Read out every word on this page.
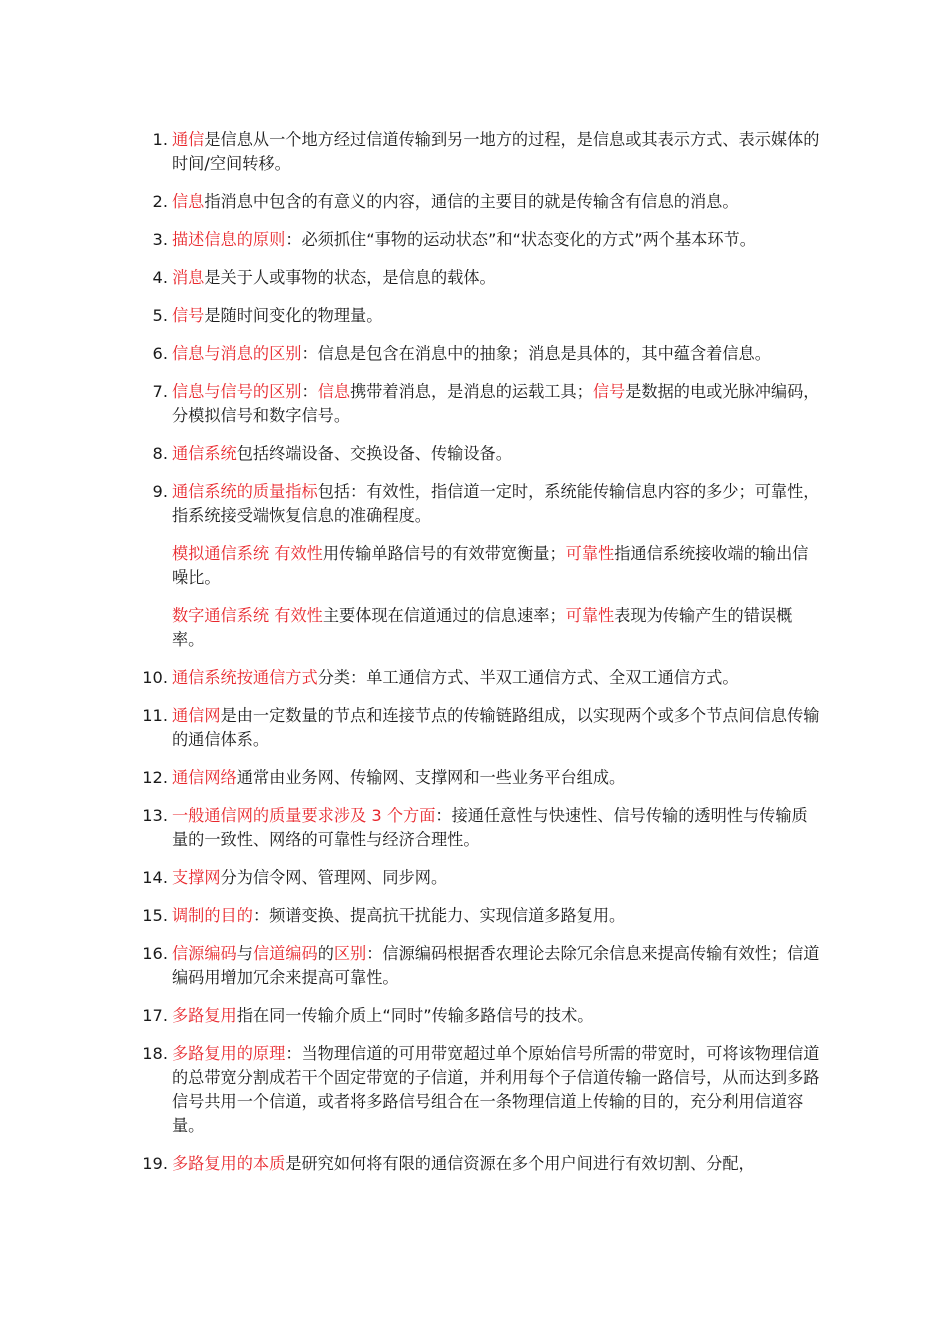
1. 通信是信息从一个地方经过信道传输到另一地方的过程，是信息或其表示方式、表示媒体的时间/空间转移。
2. 信息指消息中包含的有意义的内容，通信的主要目的就是传输含有信息的消息。
3. 描述信息的原则：必须抓住“事物的运动状态”和“状态变化的方式”两个基本环节。
4. 消息是关于人或事物的状态，是信息的载体。
5. 信号是随时间变化的物理量。
6. 信息与消息的区别：信息是包含在消息中的抽象；消息是具体的，其中蕴含着信息。
7. 信息与信号的区别：信息携带着消息，是消息的运载工具；信号是数据的电或光脉冲编码，分模拟信号和数字信号。
8. 通信系统包括终端设备、交换设备、传输设备。
9. 通信系统的质量指标包括：有效性，指信道一定时，系统能传输信息内容的多少；可靠性，指系统接受端恢复信息的准确程度。
模拟通信系统 有效性用传输单路信号的有效带宽衡量；可靠性指通信系统接收端的输出信噪比。
数字通信系统 有效性主要体现在信道通过的信息速率；可靠性表现为传输产生的错误概率。
10. 通信系统按通信方式分类：单工通信方式、半双工通信方式、全双工通信方式。
11. 通信网是由一定数量的节点和连接节点的传输链路组成，以实现两个或多个节点间信息传输的通信体系。
12. 通信网络通常由业务网、传输网、支撑网和一些业务平台组成。
13. 一般通信网的质量要求涉及 3 个方面：接通任意性与快速性、信号传输的透明性与传输质量的一致性、网络的可靠性与经济合理性。
14. 支撑网分为信令网、管理网、同步网。
15. 调制的目的：频谱变换、提高抗干扰能力、实现信道多路复用。
16. 信源编码与信道编码的区别：信源编码根据香农理论去除冗余信息来提高传输有效性；信道编码用增加冗余来提高可靠性。
17. 多路复用指在同一传输介质上“同时”传输多路信号的技术。
18. 多路复用的原理：当物理信道的可用带宽超过单个原始信号所需的带宽时，可将该物理信道的总带宽分割成若干个固定带宽的子信道，并利用每个子信道传输一路信号，从而达到多路信号共用一个信道，或者将多路信号组合在一条物理信道上传输的目的，充分利用信道容量。
19. 多路复用的本质是研究如何将有限的通信资源在多个用户间进行有效切割、分配，
